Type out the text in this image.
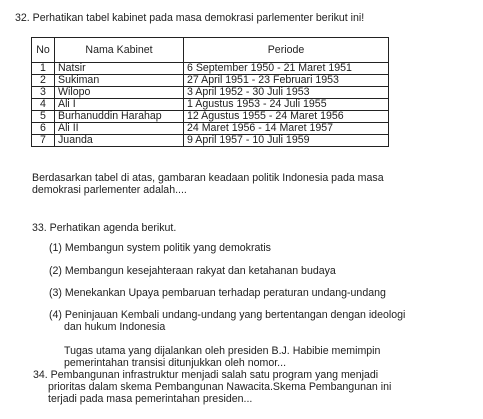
32. Perhatikan tabel kabinet pada masa demokrasi parlementer berikut ini!
No	Nama Kabinet	Periode
1	Natsir	6 September 1950 - 21 Maret 1951
2	Sukiman	27 April 1951 - 23 Februari 1953
3	Wilopo	3 April 1952 - 30 Juli 1953
4	Ali I	1 Agustus 1953 - 24 Juli 1955
5	Burhanuddin Harahap	12 Agustus 1955 - 24 Maret 1956
6	Ali II	24 Maret 1956 - 14 Maret 1957
7	Juanda	9 April 1957 - 10 Juli 1959
Berdasarkan tabel di atas, gambaran keadaan politik Indonesia pada masa
demokrasi parlementer adalah....
33. Perhatikan agenda berikut.
(1) Membangun system politik yang demokratis
(2) Membangun kesejahteraan rakyat dan ketahanan budaya
(3) Menekankan Upaya pembaruan terhadap peraturan undang-undang
(4) Peninjauan Kembali undang-undang yang bertentangan dengan ideologi
dan hukum Indonesia
Tugas utama yang dijalankan oleh presiden B.J. Habibie memimpin
pemerintahan transisi ditunjukkan oleh nomor...
34. Pembangunan infrastruktur menjadi salah satu program yang menjadi
prioritas dalam skema Pembangunan Nawacita.Skema Pembangunan ini
terjadi pada masa pemerintahan presiden...
